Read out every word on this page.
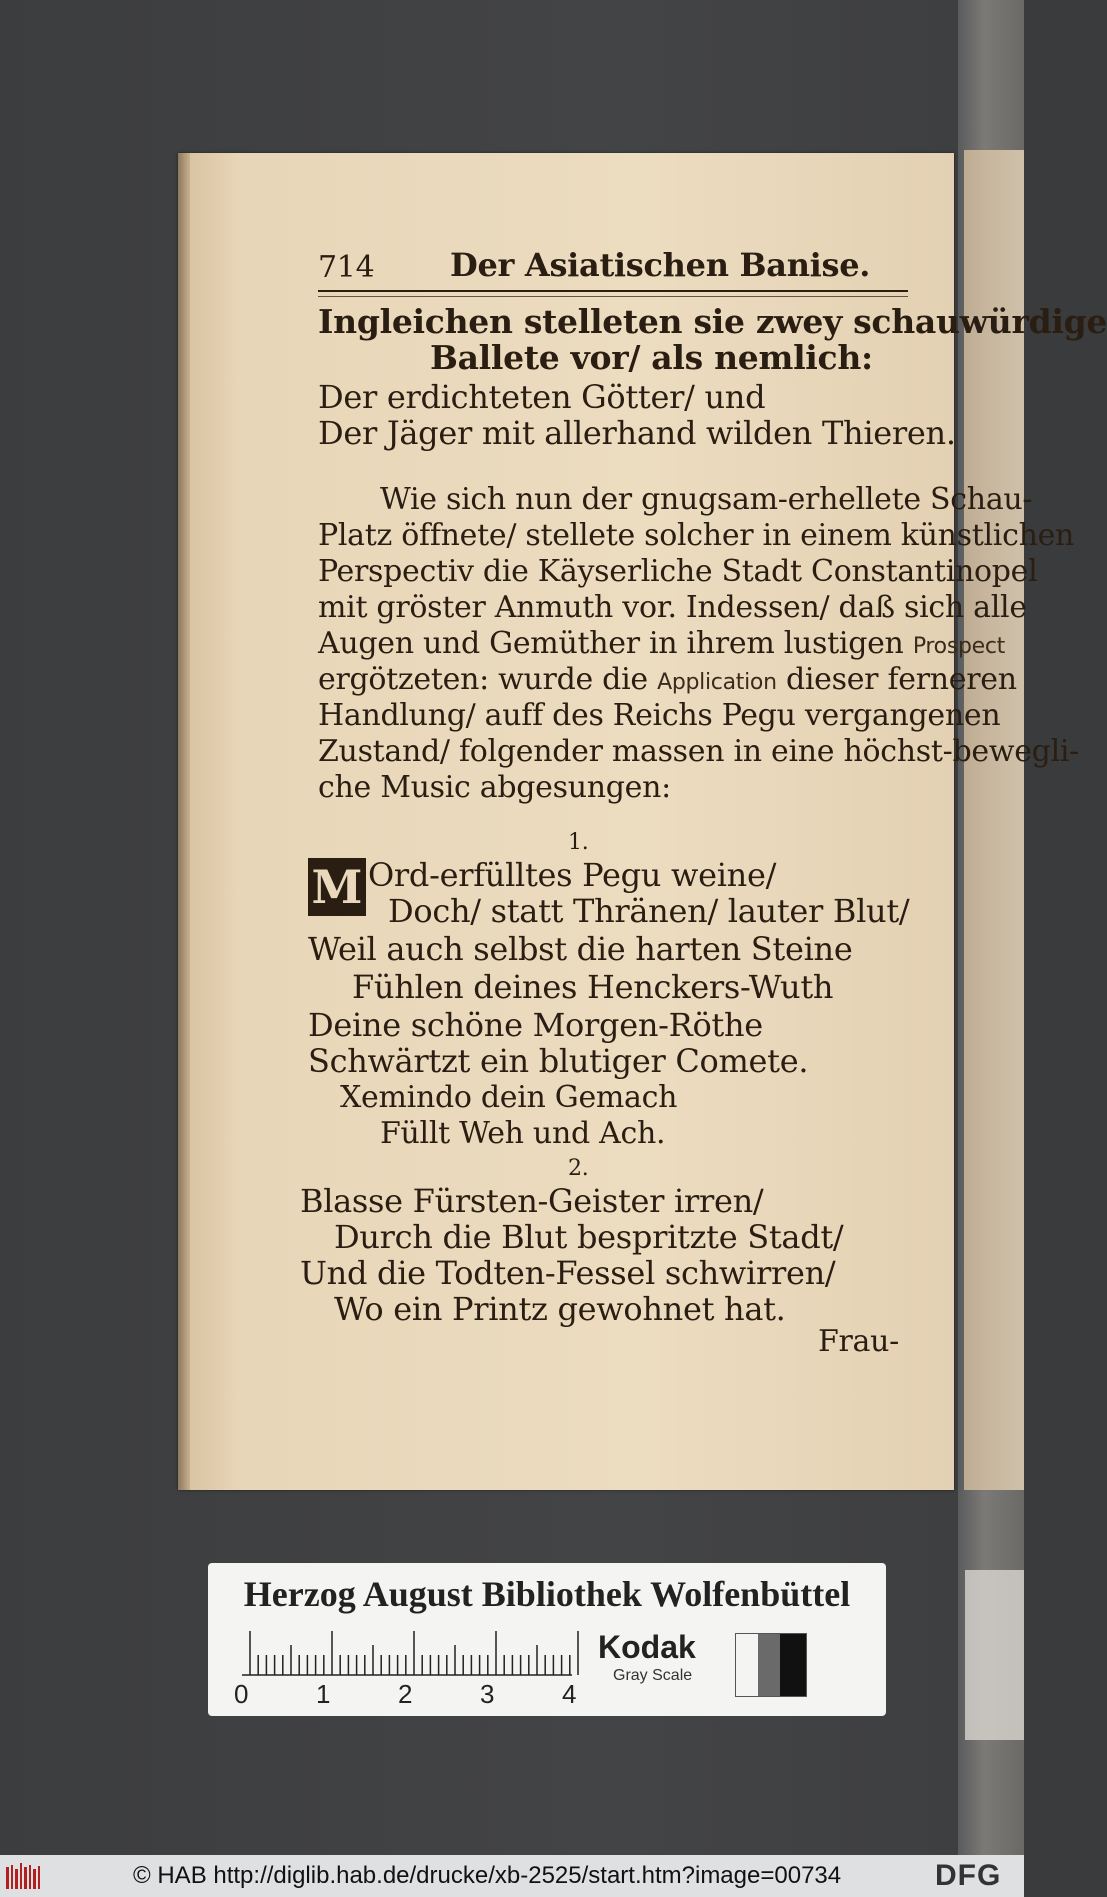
714 Der Asiatischen Banise.
Ingleichen stelleten sie zwey schauwürdige
Ballete vor/ als nemlich:
Der erdichteten Götter/ und
Der Jäger mit allerhand wilden Thieren.
Wie sich nun der gnugsam-erhellete Schau-
Platz öffnete/ stellete solcher in einem künstlichen
Perspectiv die Käyserliche Stadt Constantinopel
mit gröster Anmuth vor. Indessen/ daß sich alle
Augen und Gemüther in ihrem lustigen Prospect
ergötzeten: wurde die Application dieser ferneren
Handlung/ auff des Reichs Pegu vergangenen
Zustand/ folgender massen in eine höchst-bewegli-
che Music abgesungen:
1.
M Ord-erfülltes Pegu weine/
Doch/ statt Thränen/ lauter Blut/
Weil auch selbst die harten Steine
Fühlen deines Henckers-Wuth
Deine schöne Morgen-Röthe
Schwärtzt ein blutiger Comete.
Xemindo dein Gemach
Füllt Weh und Ach.
2.
Blasse Fürsten-Geister irren/
Durch die Blut bespritzte Stadt/
Und die Todten-Fessel schwirren/
Wo ein Printz gewohnet hat.
Frau-
Herzog August Bibliothek Wolfenbüttel
0	1	2	3	4
Kodak
Gray Scale
© HAB http://diglib.hab.de/drucke/xb-2525/start.htm?image=00734	DFG
